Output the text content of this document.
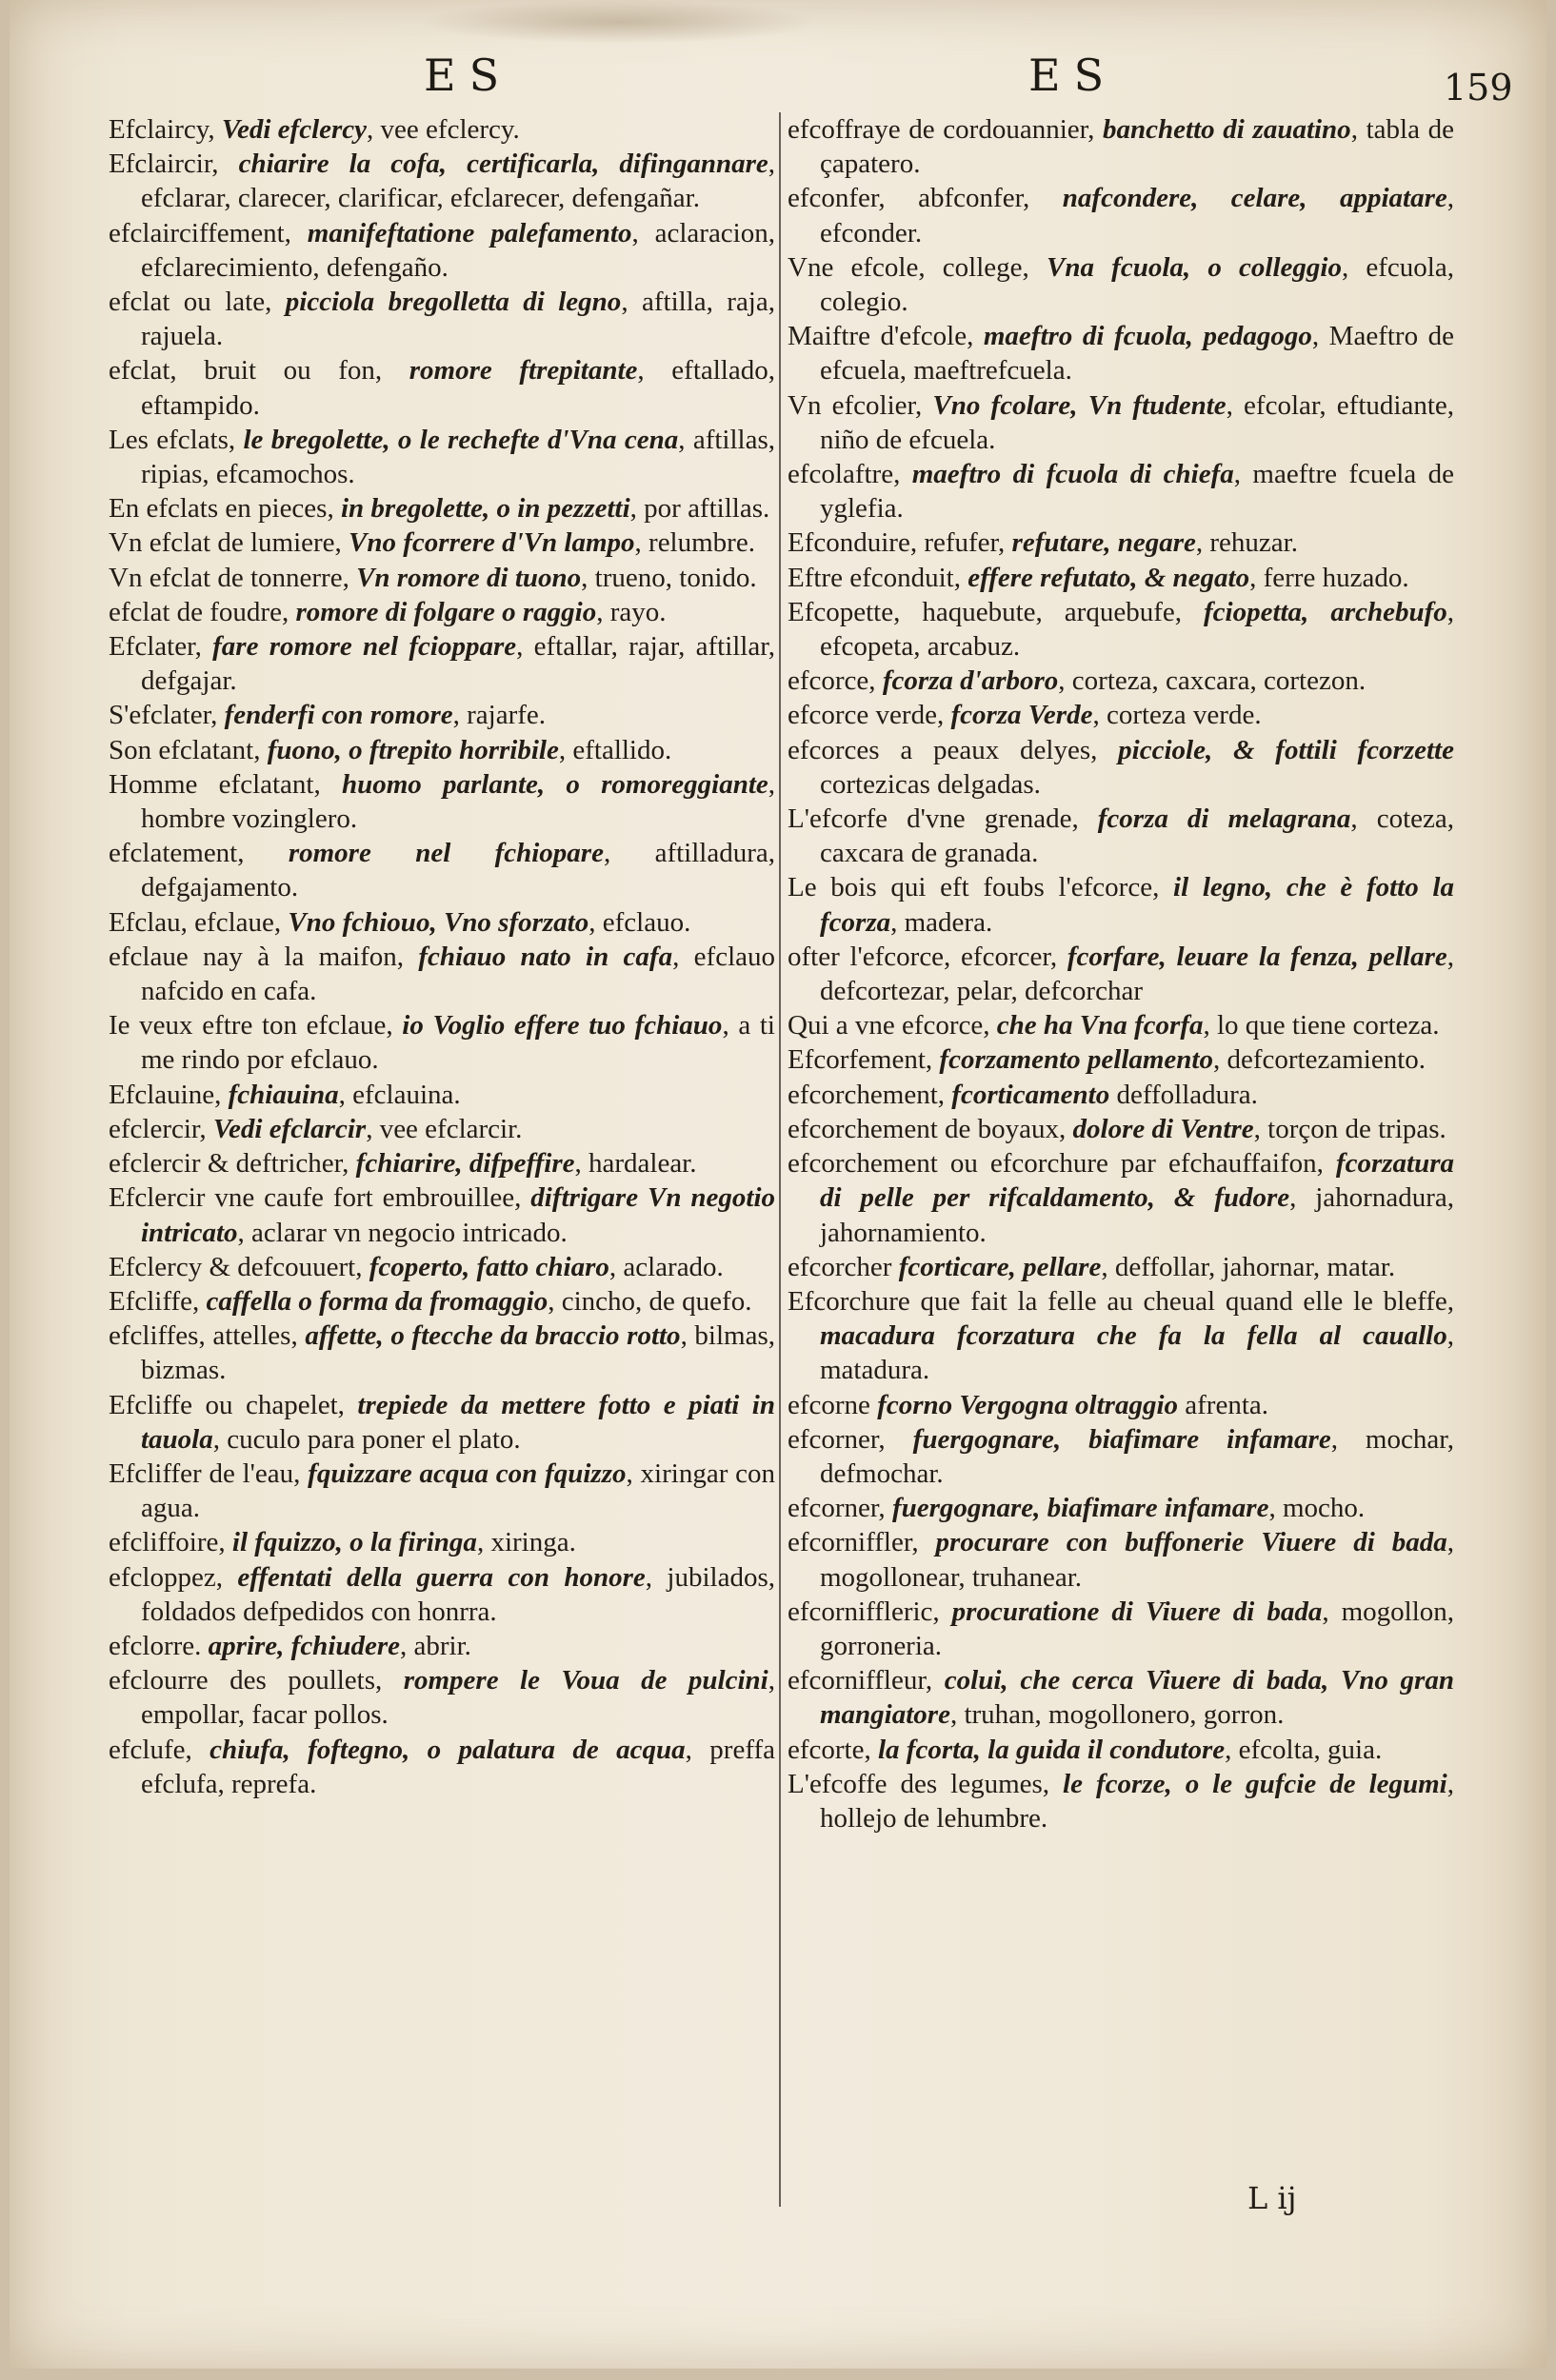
ES	ES	159

Efclaircy, Vedi efclercy, vee efclercy.
Efclaircir, chiarire la cofa, certificarla, difingannare, efclarar, clarecer, clarificar, efclarecer, defengañar.
efclairciffement, manifeftatione palefamento, aclaracion, efclarecimiento, defengaño.
efclat ou late, picciola bregolletta di legno, aftilla, raja, rajuela.
efclat, bruit ou fon, romore ftrepitante, eftallado, eftampido.
Les efclats, le bregolette, o le rechefte d'Vna cena, aftillas, ripias, efcamochos.
En efclats en pieces, in bregolette, o in pezzetti, por aftillas.
Vn efclat de lumiere, Vno fcorrere d'Vn lampo, relumbre.
Vn efclat de tonnerre, Vn romore di tuono, trueno, tonido.
efclat de foudre, romore di folgare o raggio, rayo.
Efclater, fare romore nel fcioppare, eftallar, rajar, aftillar, defgajar.
S'efclater, fenderfi con romore, rajarfe.
Son efclatant, fuono, o ftrepito horribile, eftallido.
Homme efclatant, huomo parlante, o romoreggiante, hombre vozinglero.
efclatement, romore nel fchiopare, aftilladura, defgajamento.
Efclau, efclaue, Vno fchiouo, Vno sforzato, efclauo.
efclaue nay à la maifon, fchiauo nato in cafa, efclauo nafcido en cafa.
Ie veux eftre ton efclaue, io Voglio effere tuo fchiauo, a ti me rindo por efclauo.
Efclauine, fchiauina, efclauina.
efclercir, Vedi efclarcir, vee efclarcir.
efclercir & deftricher, fchiarire, difpeffire, hardalear.
Efclercir vne caufe fort embrouillee, diftrigare Vn negotio intricato, aclarar vn negocio intricado.
Efclercy & defcouuert, fcoperto, fatto chiaro, aclarado.
Efcliffe, caffella o forma da fromaggio, cincho, de quefo.
efcliffes, attelles, affette, o ftecche da braccio rotto, bilmas, bizmas.
Efcliffe ou chapelet, trepiede da mettere fotto e piati in tauola, cuculo para poner el plato.
Efcliffer de l'eau, fquizzare acqua con fquizzo, xiringar con agua.
efcliffoire, il fquizzo, o la firinga, xiringa.
efcloppez, effentati della guerra con honore, jubilados, foldados defpedidos con honrra.
efclorre. aprire, fchiudere, abrir.
efclourre des poullets, rompere le Voua de pulcini, empollar, facar pollos.
efclufe, chiufa, foftegno, o palatura de acqua, preffa efclufa, reprefa.
efcoffraye de cordouannier, banchetto di zauatino, tabla de çapatero.
efconfer, abfconfer, nafcondere, celare, appiatare, efconder.
Vne efcole, college, Vna fcuola, o colleggio, efcuola, colegio.
Maiftre d'efcole, maeftro di fcuola, pedagogo, Maeftro de efcuela, maeftrefcuela.
Vn efcolier, Vno fcolare, Vn ftudente, efcolar, eftudiante, niño de efcuela.
efcolaftre, maeftro di fcuola di chiefa, maeftre fcuela de yglefia.
Efconduire, refufer, refutare, negare, rehuzar.
Eftre efconduit, effere refutato, & negato, ferre huzado.
Efcopette, haquebute, arquebufe, fciopetta, archebufo, efcopeta, arcabuz.
efcorce, fcorza d'arboro, corteza, caxcara, cortezon.
efcorce verde, fcorza Verde, corteza verde.
efcorces a peaux delyes, picciole, & fottili fcorzette cortezicas delgadas.
L'efcorfe d'vne grenade, fcorza di melagrana, coteza, caxcara de granada.
Le bois qui eft foubs l'efcorce, il legno, che è fotto la fcorza, madera.
ofter l'efcorce, efcorcer, fcorfare, leuare la fenza, pellare, defcortezar, pelar, defcorchar
Qui a vne efcorce, che ha Vna fcorfa, lo que tiene corteza.
Efcorfement, fcorzamento pellamento, defcortezamiento.
efcorchement, fcorticamento deffolladura.
efcorchement de boyaux, dolore di Ventre, torçon de tripas.
efcorchement ou efcorchure par efchauffaifon, fcorzatura di pelle per rifcaldamento, & fudore, jahornadura, jahornamiento.
efcorcher fcorticare, pellare, deffollar, jahornar, matar.
Efcorchure que fait la felle au cheual quand elle le bleffe, macadura fcorzatura che fa la fella al cauallo, matadura.
efcorne fcorno Vergogna oltraggio afrenta.
efcorner, fuergognare, biafimare infamare, mochar, defmochar.
efcorner, fuergognare, biafimare infamare, mocho.
efcorniffler, procurare con buffonerie Viuere di bada, mogollonear, truhanear.
efcorniffleric, procuratione di Viuere di bada, mogollon, gorroneria.
efcorniffleur, colui, che cerca Viuere di bada, Vno gran mangiatore, truhan, mogollonero, gorron.
efcorte, la fcorta, la guida il condutore, efcolta, guia.
L'efcoffe des legumes, le fcorze, o le gufcie de legumi, hollejo de lehumbre.

L ij
